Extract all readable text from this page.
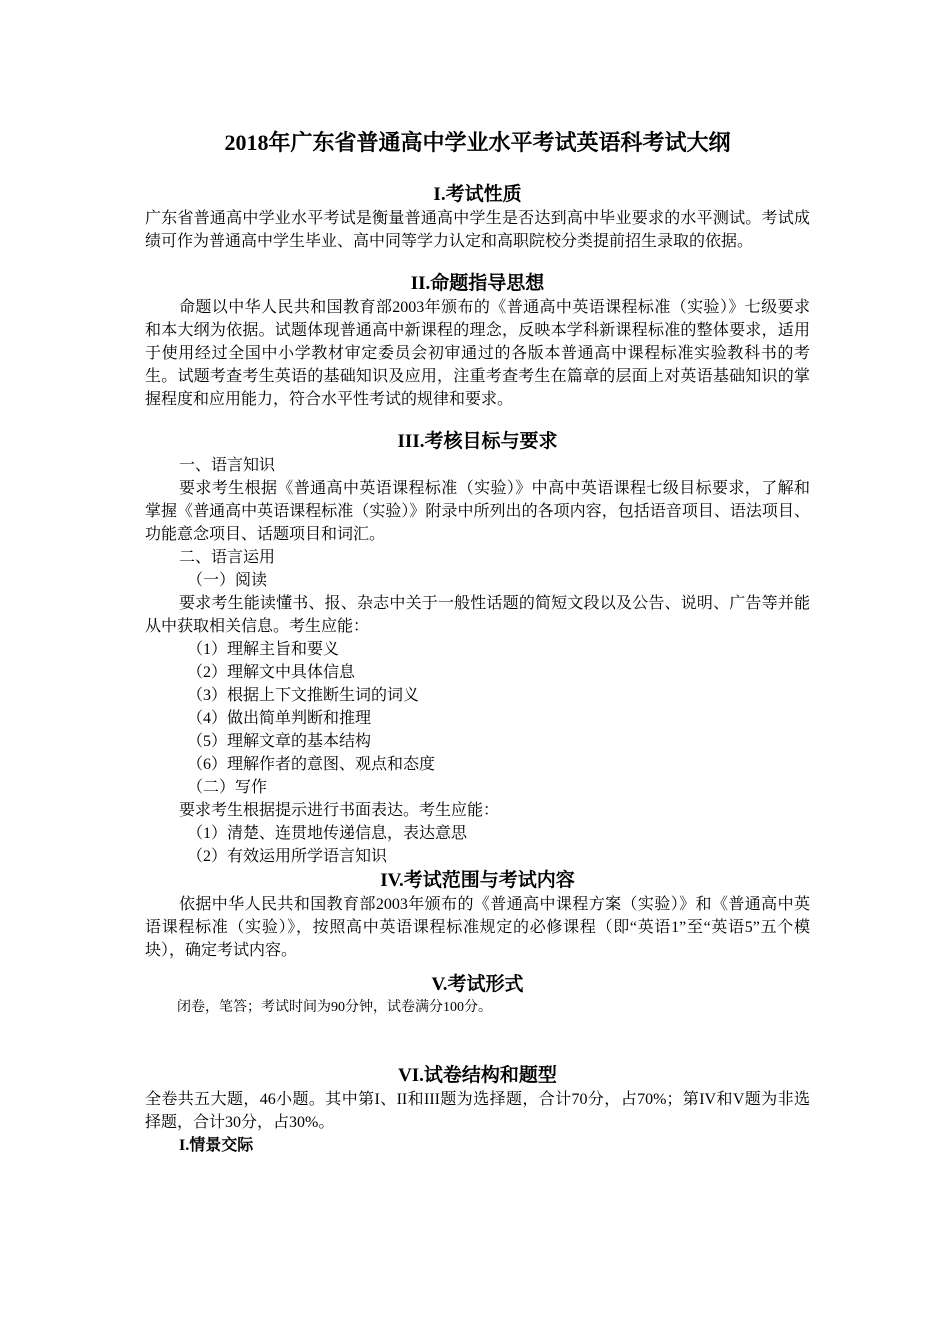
2018年广东省普通高中学业水平考试英语科考试大纲
I.考试性质

广东省普通高中学业水平考试是衡量普通高中学生是否达到高中毕业要求的水平测试。考试成绩可作为普通高中学生毕业、高中同等学力认定和高职院校分类提前招生录取的依据。

II.命题指导思想

命题以中华人民共和国教育部2003年颁布的《普通高中英语课程标准（实验）》七级要求和本大纲为依据。试题体现普通高中新课程的理念，反映本学科新课程标准的整体要求，适用于使用经过全国中小学教材审定委员会初审通过的各版本普通高中课程标准实验教科书的考生。试题考查考生英语的基础知识及应用，注重考查考生在篇章的层面上对英语基础知识的掌握程度和应用能力，符合水平性考试的规律和要求。

III.考核目标与要求

一、语言知识

要求考生根据《普通高中英语课程标准（实验）》中高中英语课程七级目标要求，了解和掌握《普通高中英语课程标准（实验）》附录中所列出的各项内容，包括语音项目、语法项目、功能意念项目、话题项目和词汇。

二、语言运用

（一）阅读

要求考生能读懂书、报、杂志中关于一般性话题的简短文段以及公告、说明、广告等并能从中获取相关信息。考生应能：

（1）理解主旨和要义

（2）理解文中具体信息

（3）根据上下文推断生词的词义

（4）做出简单判断和推理

（5）理解文章的基本结构

（6）理解作者的意图、观点和态度

（二）写作

要求考生根据提示进行书面表达。考生应能：

（1）清楚、连贯地传递信息，表达意思

（2）有效运用所学语言知识

IV.考试范围与考试内容

依据中华人民共和国教育部2003年颁布的《普通高中课程方案（实验）》和《普通高中英语课程标准（实验）》，按照高中英语课程标准规定的必修课程（即“英语1”至“英语5”五个模块），确定考试内容。

V.考试形式

闭卷，笔答；考试时间为90分钟，试卷满分100分。

VI.试卷结构和题型

全卷共五大题，46小题。其中第I、II和III题为选择题，合计70分，占70%；第IV和V题为非选择题，合计30分，占30%。

I.情景交际
